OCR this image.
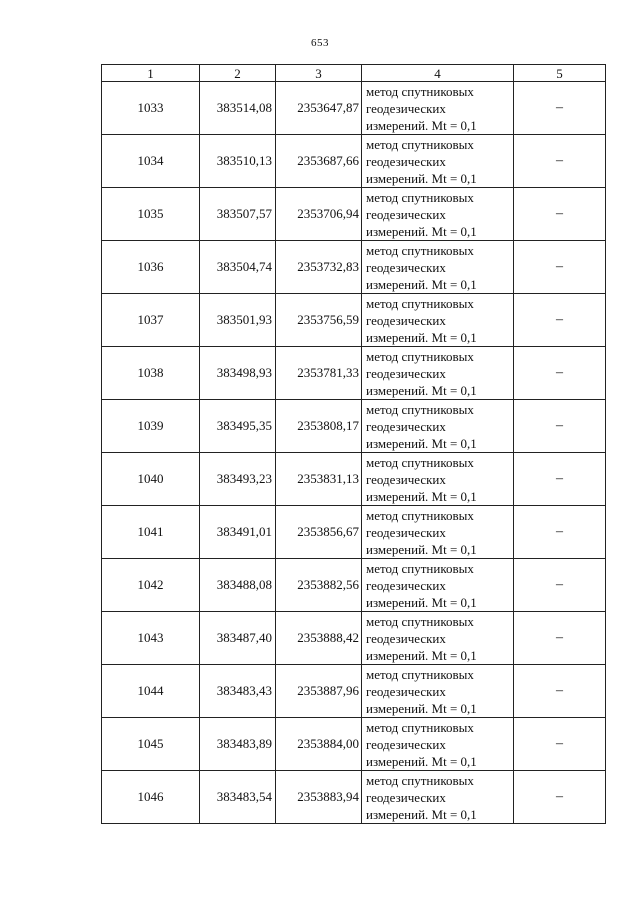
653
1	2	3	4	5
1033	383514,08	2353647,87	метод спутниковых
геодезических
измерений. Mt = 0,1	–
1034	383510,13	2353687,66	метод спутниковых
геодезических
измерений. Mt = 0,1	–
1035	383507,57	2353706,94	метод спутниковых
геодезических
измерений. Mt = 0,1	–
1036	383504,74	2353732,83	метод спутниковых
геодезических
измерений. Mt = 0,1	–
1037	383501,93	2353756,59	метод спутниковых
геодезических
измерений. Mt = 0,1	–
1038	383498,93	2353781,33	метод спутниковых
геодезических
измерений. Mt = 0,1	–
1039	383495,35	2353808,17	метод спутниковых
геодезических
измерений. Mt = 0,1	–
1040	383493,23	2353831,13	метод спутниковых
геодезических
измерений. Mt = 0,1	–
1041	383491,01	2353856,67	метод спутниковых
геодезических
измерений. Mt = 0,1	–
1042	383488,08	2353882,56	метод спутниковых
геодезических
измерений. Mt = 0,1	–
1043	383487,40	2353888,42	метод спутниковых
геодезических
измерений. Mt = 0,1	–
1044	383483,43	2353887,96	метод спутниковых
геодезических
измерений. Mt = 0,1	–
1045	383483,89	2353884,00	метод спутниковых
геодезических
измерений. Mt = 0,1	–
1046	383483,54	2353883,94	метод спутниковых
геодезических
измерений. Mt = 0,1	–
